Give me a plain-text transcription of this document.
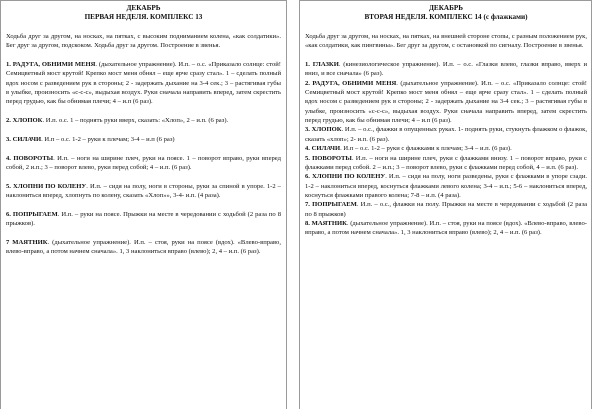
ДЕКАБРЬ
ПЕРВАЯ НЕДЕЛЯ. КОМПЛЕКС 13

Ходьба друг за другом, на носках, на пятках, с высоким подниманием колена, «как солдатики». Бег друг за другом, подскоком. Ходьба друг за другом. Построение в звенья.

1. РАДУГА, ОБНИМИ МЕНЯ. (дыхательное упражнение). И.п. – о.с. «Приказало солнце: стой! Семицветный мост крутой! Крепко мост меня обнял – еще ярче сразу стал». 1 – сделать полный вдох носом с разведением рук в стороны; 2 - задержать дыхание на 3-4 сек.; 3 – растягивая губы в улыбке, произносить «с-с-с», выдыхая воздух. Руки сначала направить вперед, затем скрестить перед грудью, как бы обнимая плечи; 4 – и.п (6 раз).

2. ХЛОПОК. И.п. о.с. 1 – поднять руки вверх, сказать: «Хлоп», 2 – и.п. (6 раз).

3. СИЛАЧИ. И.п – о.с. 1-2 – руки к плечам; 3-4 – и.п (6 раз)

4. ПОВОРОТЫ. И.п. – ноги на ширине плеч, руки на поясе. 1 – поворот вправо, руки вперед собой, 2 и.п.; 3 – поворот влево, руки перед собой; 4 – и.п. (6 раз).

5. ХЛОПНИ ПО КОЛЕНУ. И.п. – сидя на полу, ноги в стороны, руки за спиной в упоре. 1-2 – наклониться вперед, хлопнуть по колену, сказать «Хлоп»», 3-4- и.п. (4 раза).

6. ПОПРЫГАЕМ. И.п. – руки на поясе. Прыжки на месте в чередовании с ходьбой (2 раза по 8 прыжков).

7 МАЯТНИК. (дыхательное упражнение). И.п. – стоя, руки на поясе (вдох). «Влево-вправо, влево-вправо, а потом начнем сначала». 1, 3 наклониться вправо (влево); 2, 4 – и.п. (6 раз).

ДЕКАБРЬ
ВТОРАЯ НЕДЕЛЯ. КОМПЛЕКС 14 (с флажками)

Ходьба друг за другом, на носках, на пятках, на внешней стороне стопы, с разным положением рук, «как солдатики, как пингвины». Бег друг за другом, с остановкой по сигналу. Построение в звенья.

1. ГЛАЗКИ. (кинезиологическое упражнение). И.п. – о.с. «Глазки влево, глазки вправо, вверх и вниз, и все сначала» (6 раз).

2. РАДУГА, ОБНИМИ МЕНЯ. (дыхательное упражнение). И.п. – о.с. «Приказало солнце: стой! Семицветный мост крутой! Крепко мост меня обнял – еще ярче сразу стал». 1 – сделать полный вдох носом с разведением рук в стороны; 2 - задержать дыхание на 3-4 сек.; 3 – растягивая губы в улыбке, произносить «с-с-с», выдыхая воздух. Руки сначала направить вперед, затем скрестить перед грудью, как бы обнимая плечи; 4 – и.п (6 раз).

3. ХЛОПОК. И.п. – о.с., флажки в опущенных руках. 1- поднять руки, стукнуть флажком о флажок, сказать «хлоп»; 2- и.п. (6 раз).

4. СИЛАЧИ. И.п – о.с. 1-2 – руки с флажками к плечам; 3-4 – и.п. (6 раз).

5. ПОВОРОТЫ. И.п. – ноги на ширине плеч, руки с флажками внизу. 1 – поворот вправо, руки с флажками перед собой. 2 – и.п.; 3 – поворот влево, руки с флажками перед собой, 4 – и.п. (6 раз).

6. ХЛОПНИ ПО КОЛЕНУ. И.п. – сидя на полу, ноги разведены, руки с флажками в упоре сзади. 1-2 – наклониться вперед, коснуться флажками левого колена; 3-4 – и.п.; 5-6 – наклониться вперед, коснуться флажками правого колена; 7-8 – и.п. (4 раза).

7. ПОПРЫГАЕМ. И.п. – о.с., флажки на полу. Прыжки на месте в чередовании с ходьбой (2 раза по 8 прыжков)

8. МАЯТНИК. (дыхательное упражнение). И.п. – стоя, руки на поясе (вдох). «Влево-вправо, влево-вправо, а потом начнем сначала». 1, 3 наклониться вправо (влево); 2, 4 – и.п. (6 раз).
